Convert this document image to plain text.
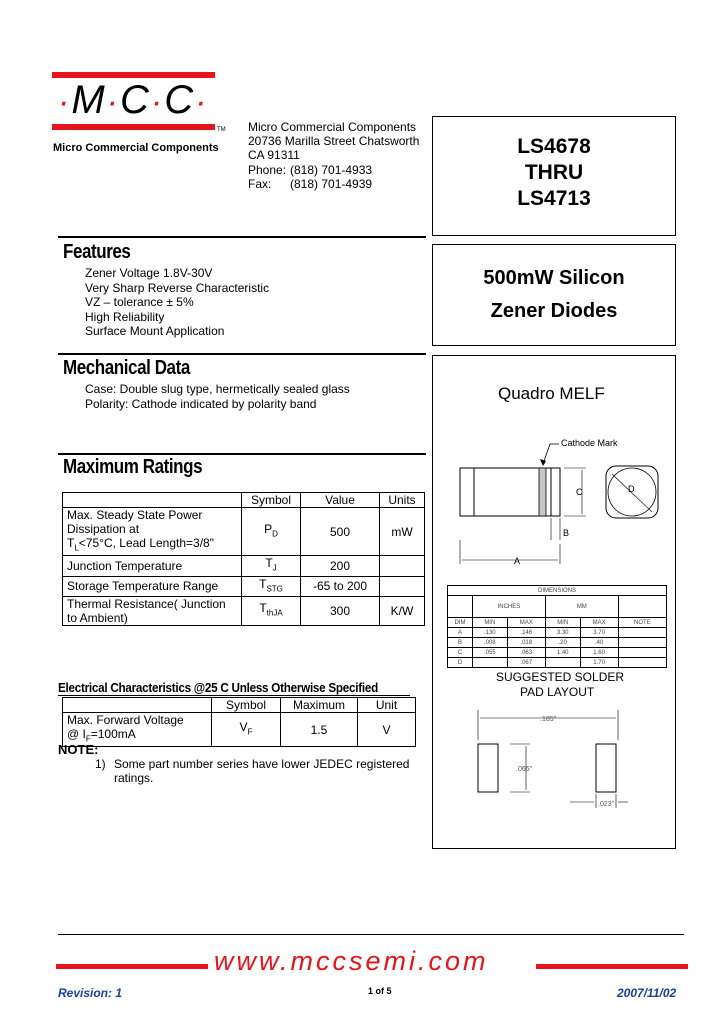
·M·C·C·
TM
Micro Commercial Components
Micro Commercial Components
20736 Marilla Street Chatsworth
CA 91311
Phone: (818) 701-4933
Fax:	(818) 701-4939
LS4678
THRU
LS4713
500mW Silicon
Zener Diodes
Features
Zener Voltage 1.8V-30V
Very Sharp Reverse Characteristic
VZ – tolerance ± 5%
High Reliability
Surface Mount Application
Mechanical Data
Case: Double slug type, hermetically sealed glass
Polarity: Cathode indicated by polarity band
Maximum Ratings
	Symbol	Value	Units

Max. Steady State Power
Dissipation at
$T_L<75^\circ C$, Lead Length=3/8"	$P_D$	500	mW
Junction Temperature	$T_J$	200	
Storage Temperature Range	$T_{STG}$	-65 to 200	

Thermal Resistance( Junction
to Ambient)	$T_{thJA}$	300	K/W
Electrical Characteristics @25 C Unless Otherwise Specified
	Symbol	Maximum	Unit

Max. Forward Voltage
@ $I_F=100mA$	$V_F$	1.5	V
NOTE:
1) Some part number series have lower JEDEC registered
ratings.
Quadro MELF
Cathode Mark
C
B
A
D
DIMENSIONS					
	INCHES		MM		
DIM	MIN	MAX	MIN	MAX	NOTE
A	.130	.146	3.30	3.70	
B	.008	.018	.20	.40	
C	.055	.063	1.40	1.60	
D		.067		1.70	
SUGGESTED SOLDER
PAD LAYOUT
.185"
.065"
.023"
www.mccsemi.com
Revision: 1	1 of 5	2007/11/02
